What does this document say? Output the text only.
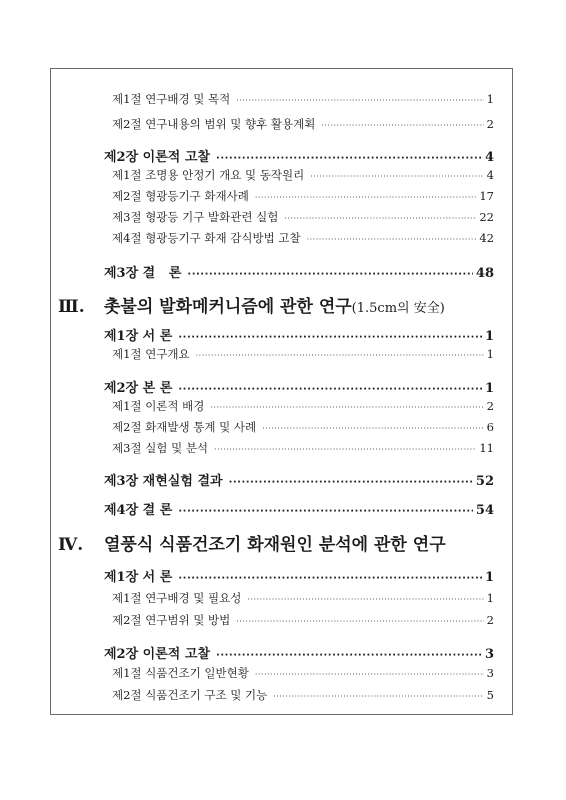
제1절 연구배경 및 목적 ·····	1
제2절 연구내용의 범위 및 향후 활용계획 ·····	2
제2장 이론적 고찰 ·····	4
제1절 조명용 안정기 개요 및 동작원리 ·····	4
제2절 형광등기구 화재사례 ·····	17
제3절 형광등 기구 발화관련 실험 ·····	22
제4절 형광등기구 화재 감식방법 고찰 ·····	42
제3장 결   론 ·····	48
Ⅲ. 촛불의 발화메커니즘에 관한 연구(1.5cm의 安全)
제1장 서 론 ·····	1
제1절 연구개요 ·····	1
제2장 본 론 ·····	1
제1절 이론적 배경 ·····	2
제2절 화재발생 통계 및 사례 ·····	6
제3절 실험 및 분석 ·····	11
제3장 재현실험 결과 ·····	52
제4장 결 론 ·····	54
Ⅳ. 열풍식 식품건조기 화재원인 분석에 관한 연구
제1장 서 론 ·····	1
제1절 연구배경 및 필요성 ·····	1
제2절 연구범위 및 방법 ·····	2
제2장 이론적 고찰 ·····	3
제1절 식품건조기 일반현황 ·····	3
제2절 식품건조기 구조 및 기능 ·····	5
